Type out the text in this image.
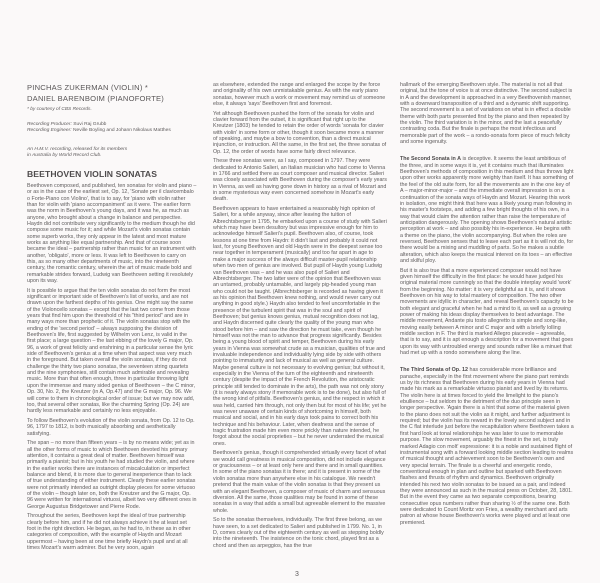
PINCHAS ZUKERMAN (VIOLIN) *
DANIEL BARENBOIM (PIANOFORTE)
* by courtesy of CBS Records.
Recording Producer: Suvi Raj Grubb
Recording Engineer: Neville Boyling and Johann Nikolaus Matthes
An H.M.V. recording, released for its members
in Australia by World Record Club.
BEETHOVEN VIOLIN SONATAS

Beethoven composed, and published, ten sonatas for violin and piano – or as in the case of the earliest set, Op. 12, 'Sonate per il clavicembalo o Forte-Piano con Violino', that is to say, for 'piano with violin rather than for violin with 'piano accompaniment' as it were. The earlier form was the norm in Beethoven's young days, and it was he, as much as anyone, who brought about a change in balance and perspective. Haydn did not contribute very significantly to the medium though he did compose some music for it; and while Mozart's violin sonatas contain some superb works, they only appear in the latest and most mature works as anything like equal partnership. And that of course soon became the ideal – partnership rather than music for an instrument with another, 'obligato', more or less. It was left to Beethoven to carry on this, as so many other departments of music, into the nineteenth century, the romantic century, wherein the art of music made bold and remarkable strides forward, Ludwig van Beethoven setting it resolutely upon its way.

It is possible to argue that the ten violin sonatas do not form the most significant or important side of Beethoven's list of works, and are not drawn upon the farthest depths of his genius. One might say the same of the Violoncello sonatas – except that the last two come from those years that find him upon the threshold of his "third period" and are in many ways more than prophetic of it. The violin sonatas stop with the ending of the 'second period' – always supposing the division of Beethoven's life, first suggested by Wilhelm von Lenz, is valid in the first place; a large question – the last ebbing of the lovely G major, Op. 96, a work of great felicity and enshrining in a particular sense the lyric side of Beethoven's genius at a time when that aspect was very much in the foreground. But taken overall the violin sonatas, if they do not challenge the thirty two piano sonatas, the seventeen string quartets and the nine symphonies, still contain much admirable and revealing music. More than that often enough, three in particular throwing light upon the immense and many sided genius of Beethoven – the C minor, Op. 30, No. 2, the Kreutzer (in A, Op.47) and the G major, Op. 96. We will come to them in chronological order of issue; but we may now add, too, that several other sonatas, like the charming Spring (Op. 24) are hardly less remarkable and certainly no less enjoyable.

To follow Beethoven's evolution of the violin sonata, from Op. 12 to Op. 96, 1797 to 1812, is both musically absorbing and aesthetically satisfying.

The span – no more than fifteen years – is by no means wide; yet as in all the other forms of music to which Beethoven devoted his primary attention, it contains a great deal of matter. Beethoven himself was primarily a pianist; but in his youth he had studied the violin, and where in the earlier works there are instances of miscalculation or imperfect balance and blend, it is more due to general inexperience than to lack of true understanding of either instrument. Clearly these earlier sonatas were not primarily intended as outright display pieces for some virtuoso of the violin – though later on, both the Kreutzer and the G major, Op. 96 were written for international virtuosi, albeit two very different ones in George Augustus Bridgetower and Pierre Rode.

Throughout the series, Beethoven kept the ideal of true partnership clearly before him, and if he did not always achieve it he at least set foot in the right direction. He began, as he had to, in these as in other categories of composition, with the example of Haydn and Mozart uppermost – having been at one time briefly Haydn's pupil and at all times Mozart's warm admirer. But he very soon, again

as elsewhere, extended the range and enlarged the scope by the force and originality of his own unmistakable genius. As with the early piano sonatas, however much a work or movement may remind us of someone else, it always 'says' Beethoven first and foremost.

Yet although Beethoven pushed the form of the sonata for violin and clavier forward from the outset, it is significant that right up to the Kreutzer (1803) he tended to retain the order of words 'sonata for clavier with violin' in some form or other, though it soon became more a manner of speaking, and maybe a bow to convention, than a direct musical injunction, or instruction. All the same, in the first set, the three sonatas of Op. 12, the order of words have some fairly direct relevance.

These three sonatas were, as I say, composed in 1797. They were dedicated to Antonio Salieri, an Italian musician who had come to Vienna in 1766 and settled there as court composer and musical director. Salieri was closely associated with Beethoven during the composer's early years in Vienna, as well as having gone down in history as a rival of Mozart and in some mysterious way even concerned somehow in Mozart's early death.

Beethoven appears to have entertained a reasonably high opinion of Salieri, for a while anyway, since after leaving the tuition of Albrechtsberger in 1795, he embarked upon a course of study with Salieri which may have been desultory but was impressive enough for him to acknowledge himself Salieri's pupil. Beethoven also, of course, took lessons at one time from Haydn: it didn't last and probably it could not last, for young Beethoven and old Haydn were in the deepest sense too near together in temperament (musically) and too far apart in age to make a major success of the always difficult master-pupil relationship when two men of genius are involved. But pupil of Haydn young Ludwig van Beethoven was – and he was also pupil of Salieri and Albrechtsberger. The two latter were of the opinion that Beethoven was an untamed, probably untamable, and largely pig-headed young man who could not be taught. (Albrechtsberger is recorded as having given it as his opinion that Beethoven knew nothing, and would never carry out anything in good style.) Haydn also tended to feel uncomfortable in the presence of the turbulent spirit that was in the soul and spirit of Beethoven; but genius knows genius, mutual recognition does not lag, and Haydn discerned quite clearly the quality of the young man who stood before him – and saw the direction he must take, even though he himself was not the man to advance that progress significantly. Besides being a young blood of spirit and temper, Beethoven during his early years in Vienna was somewhat crude as a musician, qualities of true and invaluable independence and individuality lying side by side with others pointing to immaturity and lack of musical as well as general culture. Maybe general culture is not necessary to evolving genius; but without it, especially in the Vienna of the turn of the eighteenth and nineteenth century (despite the impact of the French Revolution, the aristocratic principle still tended to dominate in the arts), the path was not only stony (it is nearly always stony if memorable work is to be done), but also full of the wrong kind of pitfalls. Beethoven's genius, and the respect in which it was held, carried him through, not only then but for most of his life; yet he was never unaware of certain kinds of shortcoming in himself, both musical and social, and in his early days took pains to correct both his technique and his behaviour. Later, when deafness and the sense of tragic frustration made him even more prickly than nature intended, he forgot about the social proprieties – but he never underrated the musical ones.

Beethoven's genius, though it comprehended virtually every facet of what we would call greatness in musical composition, did not include elegance or graciousness – or at least only here and there and in small quantities. In some of the piano sonatas it is there; and it is present in some of the violin sonatas more than anywhere else in his catalogue. We needn't pretend that the main value of the violin sonatas is that they present us with an elegant Beethoven, a composer of music of charm and sensuous diversion. All the same, those qualities may be found in some of these sonatas in a way that adds a small but agreeable element to the massive whole.

So to the sonatas themselves, individually. The first three belong, as we have seen, to a set dedicated to Salieri and published in 1799. No. 1, in D, comes clearly out of the eighteenth century as well as stepping boldly into the nineteenth. The insistence on the tonic chord, played first as a chord and then as arpeggios, has the true

hallmark of the emerging Beethoven style. The material is not all that original, but the tone of voice is at once distinctive. The second subject is in A and the development is approached in a very Beethovenish manner, with a downward transposition of a third and a dynamic shift supporting. The second movement is a set of variations on what is in effect a double theme with both parts presented first by the piano and then repeated by the violin. The third variation is in the minor, and the last a peacefully contrasting coda. But the finale is perhaps the most infectious and memorable part of the work – a rondo-sonata form piece of much felicity and some ingenuity.

The Second Sonata in A is deceptive. It seems the least ambitious of the three, and in some ways it is, yet it contains much that illuminates Beethoven's methods of composition in this medium and thus throws light upon other works apparently more weighty than itself. It has something of the feel of the old suite form, for all the movements are in the one key of A – major-minor-major – and the immediate overall impression is on a continuation of the sonata ways of Haydn and Mozart. Hearing this work in isolation, one might think that here was a likely young man following in his master's footsteps, and adding a few bright thoughts of his own, in a way that would claim the attention rather than raise the temperature of anticipation dangerously. The opening shows Beethoven's natural artistic perception at work – and also possibly his in-experience. He begins with a theme on the piano, the violin accompanying. But when the roles are reversed, Beethoven senses that to leave each part as it is will not do, for there would be a mixing and muddling of parts. So he makes a subtle alteration, which also keeps the musical interest on its toes – an effective and skilful ploy.

But it is also true that a more experienced composer would not have given himself the difficulty in the first place: he would have judged his original material more cunningly so that the double interplay would 'work' from the beginning. No matter: it is very delightful as it is, and it shows Beethoven on his way to total mastery of composition. The two other movements are idyllic in character, and reveal Beethoven's capacity to be both elegant and graceful when he had a mind to it, as well as a growing power of making his ideas display themselves to best advantage. The middle movement, Andante piu tosto allegretto is simple and song-like, moving easily between A minor and C major and with a briefly lolling middle section in F. The third is marked Allegro piacevole – agreeable, that is to say, and it is apt enough a description for a movement that goes upon its way with untroubled energy and sounds rather like a minuet that had met up with a rondo somewhere along the line.

The Third Sonata of Op. 12 has considerable more brilliance and panache, especially in the first movement where the piano part reminds us by its richness that Beethoven during his early years in Vienna had made his mark as a remarkable virtuoso pianist and lived by its returns. The violin here is at times forced to yield the limelight to the piano's ebullience – but seldom to the detriment of the duo principle seen in longer perspective. 'Again there is a hint that some of the material given to the piano does not suit the violin as it might, and further adjustment is required; but the violin has its reward in the lovely second subject and in the C flat interlude just before the recapitulation where Beethoven takes a first hard look at tonal relationships he was later to use to memorable purpose. The slow movement, arguably the finest in the set, is truly marked Adagio con molt' espressione: it is a noble and sustained flight of instrumental song with a forward looking middle section leading to realms of musical thought and achievement soon to be Beethoven's own and very special terrain. The finale is a cheerful and energetic rondo, conventional enough in plan and outline but sparked with Beethoven flashes and thrusts of rhythm and dynamics. Beethoven originally intended his next two violin sonatas to be issued as a pair, and indeed they were announced as such in the musical press on October, 28, 1801. But in the event they came as two separate compositions, bearing consecutive opus numbers rather than sharing ½ of the same one. Both were dedicated to Count Moritz von Fries, a wealthy merchant and arts patron at whose house Beethoven's works were played and at least one premiered.

3
